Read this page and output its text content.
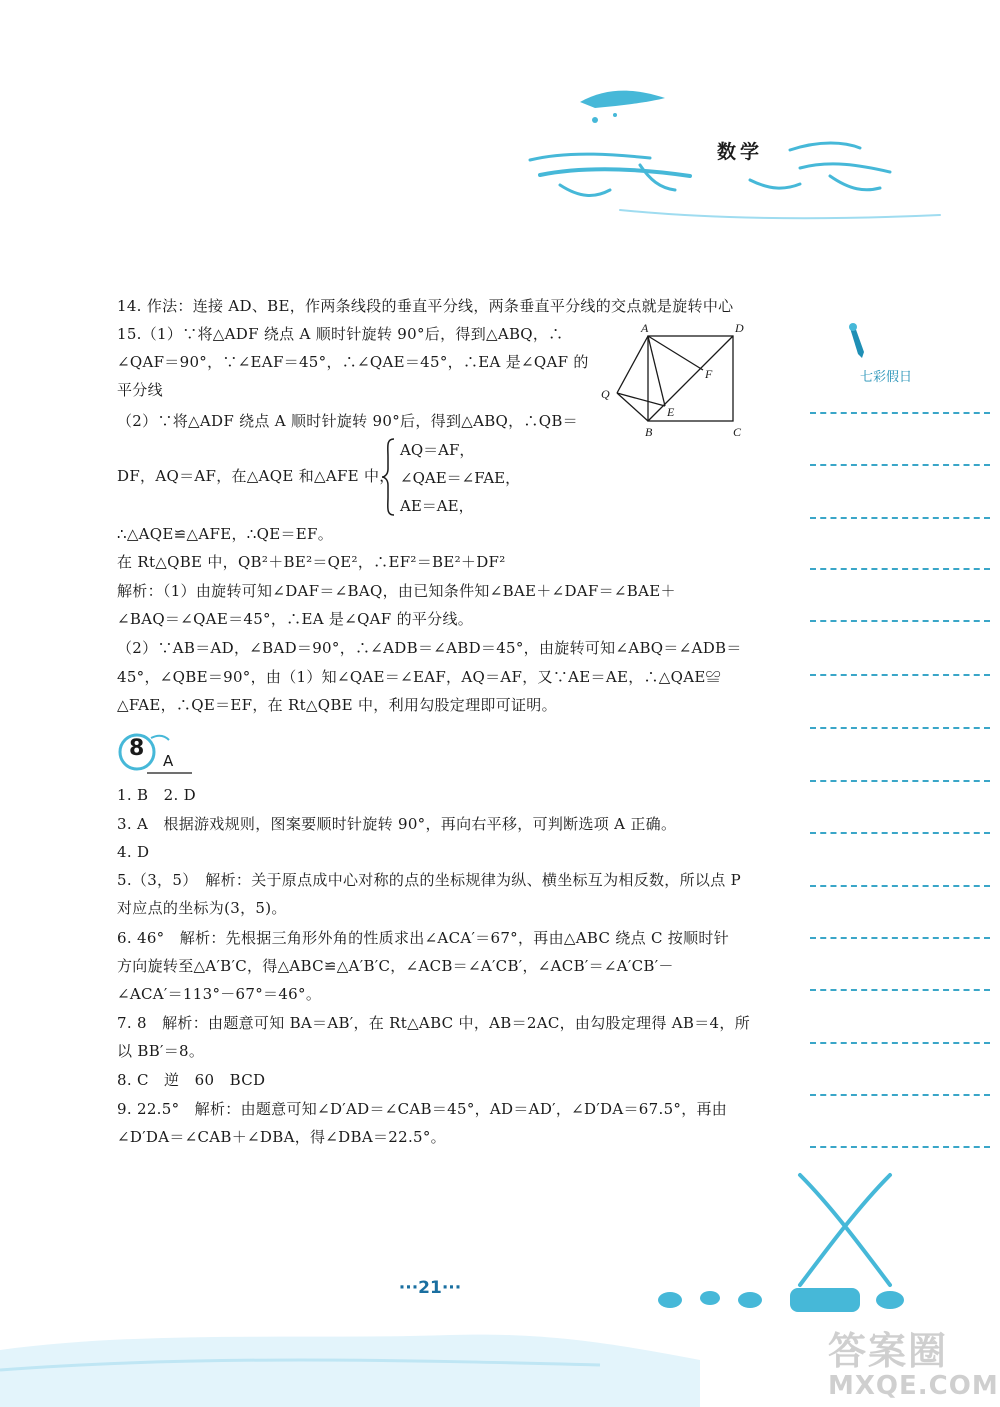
数学
七彩假日
14. 作法：连接 AD、BE，作两条线段的垂直平分线，两条垂直平分线的交点就是旋转中心
15.（1）∵将△ADF 绕点 A 顺时针旋转 90°后，得到△ABQ，∴
∠QAF＝90°，∵∠EAF＝45°，∴∠QAE＝45°，∴EA 是∠QAF 的
平分线
（2）∵将△ADF 绕点 A 顺时针旋转 90°后，得到△ABQ，∴QB＝
DF，AQ＝AF，在△AQE 和△AFE 中，
AQ＝AF，
∠QAE＝∠FAE，
AE＝AE，
∴△AQE≌△AFE，∴QE＝EF。
在 Rt△QBE 中，QB²＋BE²＝QE²，∴EF²＝BE²＋DF²
解析：（1）由旋转可知∠DAF＝∠BAQ，由已知条件知∠BAE＋∠DAF＝∠BAE＋
∠BAQ＝∠QAE＝45°，∴EA 是∠QAF 的平分线。
（2）∵AB＝AD，∠BAD＝90°，∴∠ADB＝∠ABD＝45°，由旋转可知∠ABQ＝∠ADB＝
45°，∠QBE＝90°，由（1）知∠QAE＝∠EAF，AQ＝AF，又∵AE＝AE，∴△QAE≌
△FAE，∴QE＝EF，在 Rt△QBE 中，利用勾股定理即可证明。
A	D
Q
F
E
B	C
8 A
1. B　2. D
3. A　根据游戏规则，图案要顺时针旋转 90°，再向右平移，可判断选项 A 正确。
4. D
5.（3，5）　解析：关于原点成中心对称的点的坐标规律为纵、横坐标互为相反数，所以点 P
对应点的坐标为(3，5)。
6. 46°　解析：先根据三角形外角的性质求出∠ACA′＝67°，再由△ABC 绕点 C 按顺时针
方向旋转至△A′B′C，得△ABC≌△A′B′C，∠ACB＝∠A′CB′，∠ACB′＝∠A′CB′－
∠ACA′＝113°－67°＝46°。
7. 8　解析：由题意可知 BA＝AB′，在 Rt△ABC 中，AB＝2AC，由勾股定理得 AB＝4，所
以 BB′＝8。
8. C　逆　60　BCD
9. 22.5°　解析：由题意可知∠D′AD＝∠CAB＝45°，AD＝AD′，∠D′DA＝67.5°，再由
∠D′DA＝∠CAB＋∠DBA，得∠DBA＝22.5°。
···21···
答案圈
MXQE.COM
